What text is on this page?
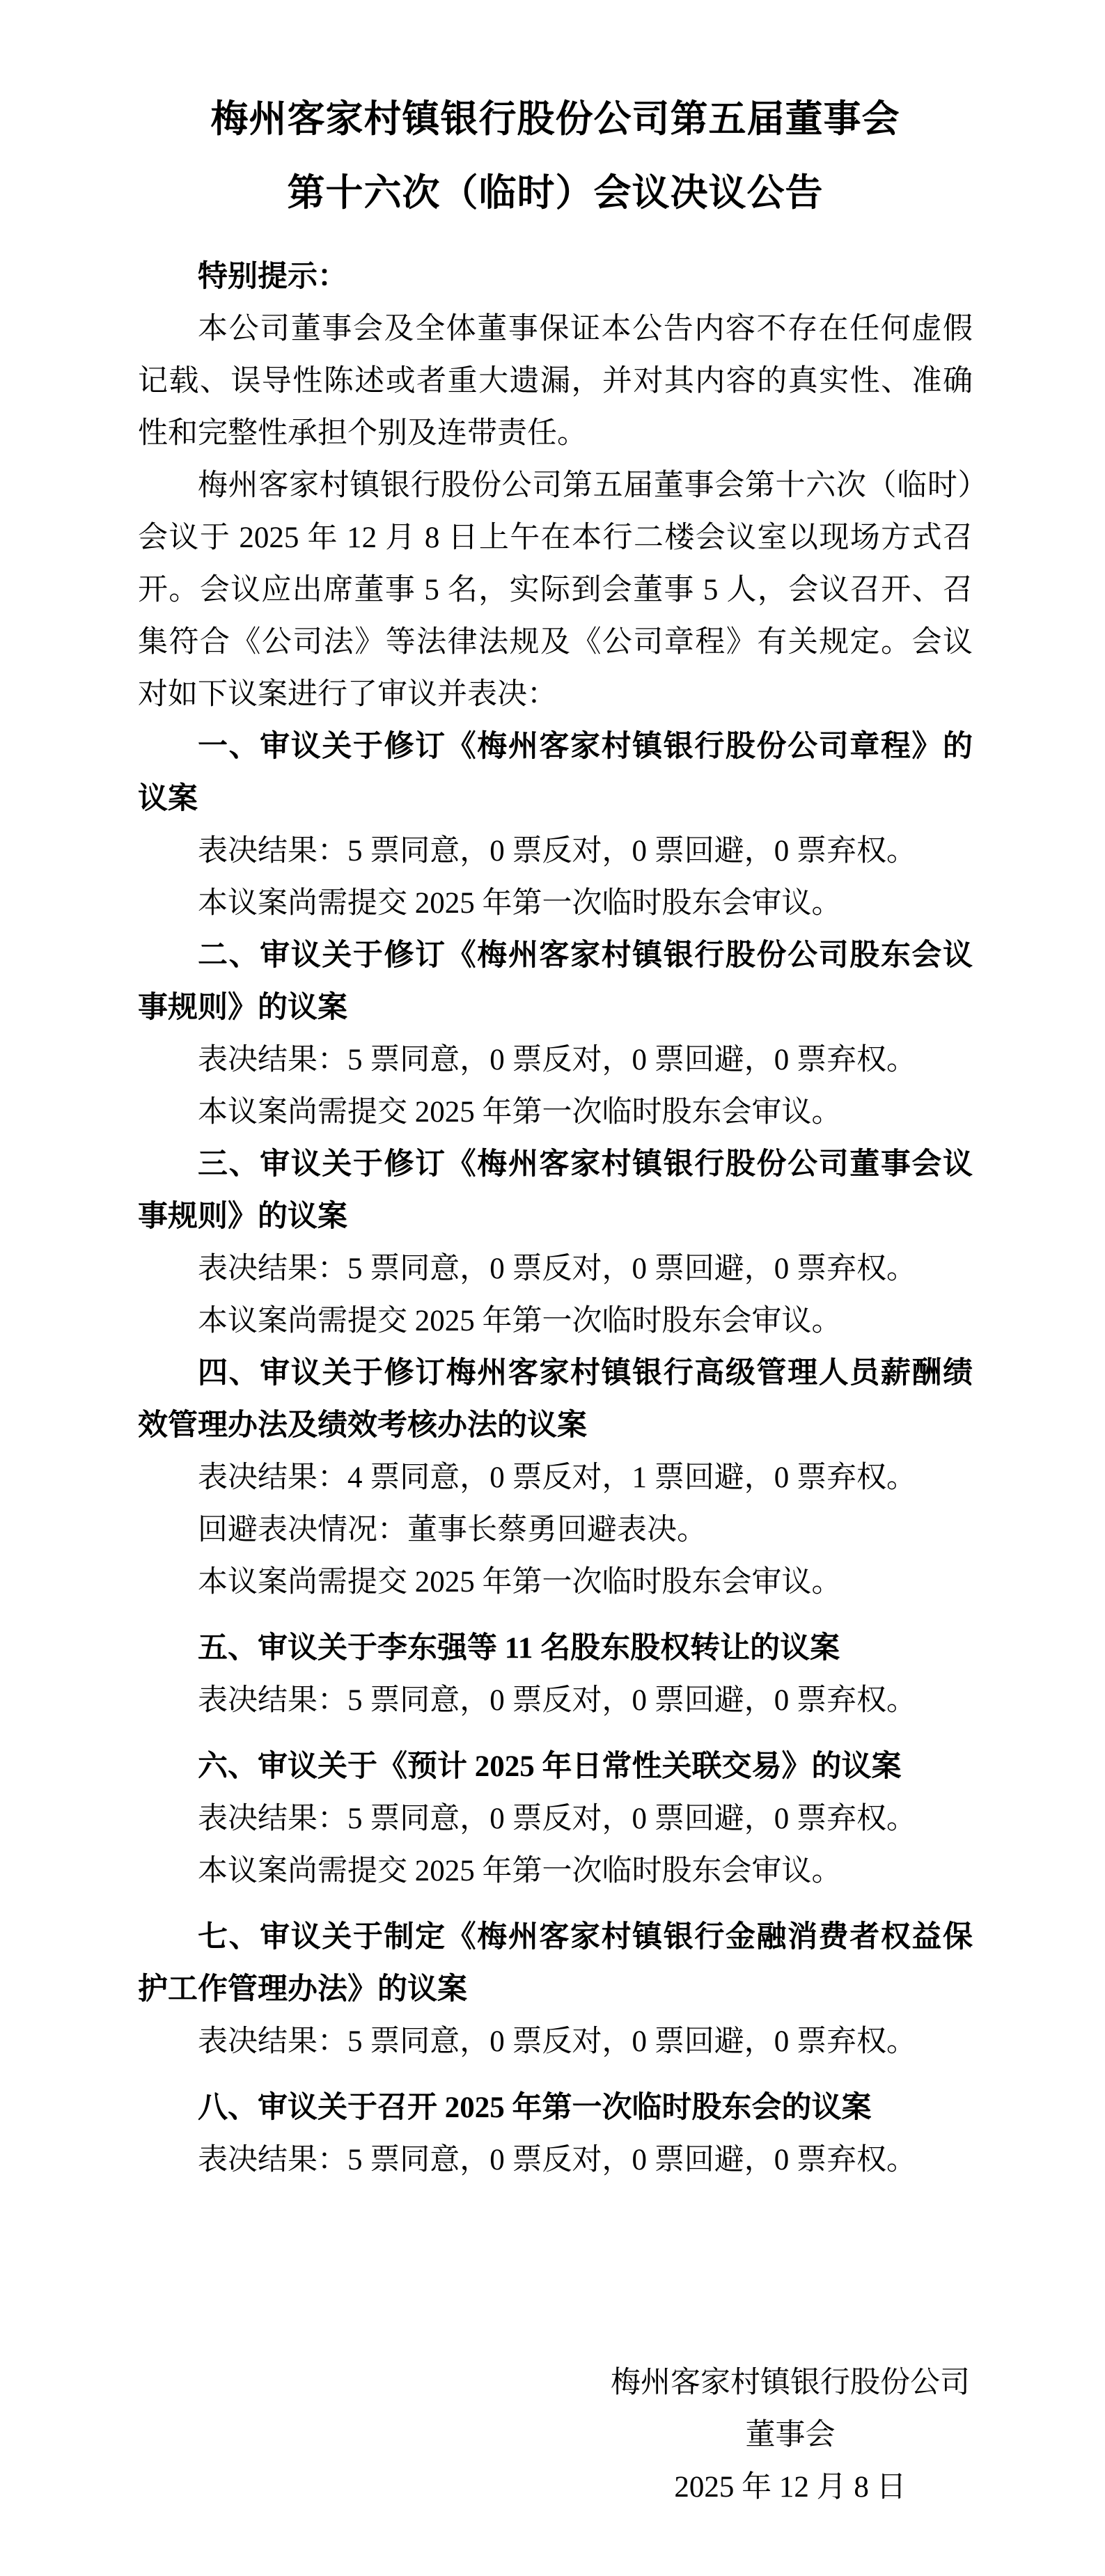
梅州客家村镇银行股份公司第五届董事会
第十六次（临时）会议决议公告

特别提示：

本公司董事会及全体董事保证本公告内容不存在任何虚假记载、误导性陈述或者重大遗漏，并对其内容的真实性、准确性和完整性承担个别及连带责任。

梅州客家村镇银行股份公司第五届董事会第十六次（临时）会议于 2025 年 12 月 8 日上午在本行二楼会议室以现场方式召开。会议应出席董事 5 名，实际到会董事 5 人，会议召开、召集符合《公司法》等法律法规及《公司章程》有关规定。会议对如下议案进行了审议并表决：

一、审议关于修订《梅州客家村镇银行股份公司章程》的议案

表决结果：5 票同意，0 票反对，0 票回避，0 票弃权。

本议案尚需提交 2025 年第一次临时股东会审议。

二、审议关于修订《梅州客家村镇银行股份公司股东会议事规则》的议案

表决结果：5 票同意，0 票反对，0 票回避，0 票弃权。

本议案尚需提交 2025 年第一次临时股东会审议。

三、审议关于修订《梅州客家村镇银行股份公司董事会议事规则》的议案

表决结果：5 票同意，0 票反对，0 票回避，0 票弃权。

本议案尚需提交 2025 年第一次临时股东会审议。

四、审议关于修订梅州客家村镇银行高级管理人员薪酬绩效管理办法及绩效考核办法的议案

表决结果：4 票同意，0 票反对，1 票回避，0 票弃权。

回避表决情况：董事长蔡勇回避表决。

本议案尚需提交 2025 年第一次临时股东会审议。

五、审议关于李东强等 11 名股东股权转让的议案

表决结果：5 票同意，0 票反对，0 票回避，0 票弃权。

六、审议关于《预计 2025 年日常性关联交易》的议案

表决结果：5 票同意，0 票反对，0 票回避，0 票弃权。

本议案尚需提交 2025 年第一次临时股东会审议。

七、审议关于制定《梅州客家村镇银行金融消费者权益保护工作管理办法》的议案

表决结果：5 票同意，0 票反对，0 票回避，0 票弃权。

八、审议关于召开 2025 年第一次临时股东会的议案

表决结果：5 票同意，0 票反对，0 票回避，0 票弃权。

梅州客家村镇银行股份公司

董事会

2025 年 12 月 8 日
